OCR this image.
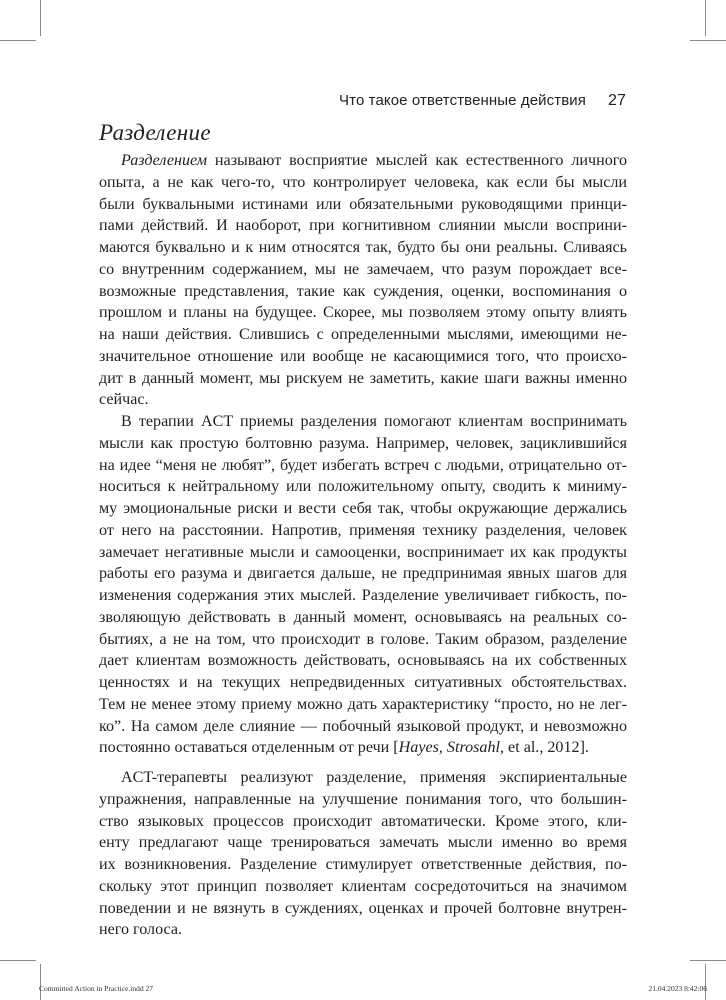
Что такое ответственные действия 27
Разделение

Разделением называют восприятие мыслей как естественного личного
опыта, а не как чего-то, что контролирует человека, как если бы мысли
были буквальными истинами или обязательными руководящими принци-
пами действий. И наоборот, при когнитивном слиянии мысли восприни-
маются буквально и к ним относятся так, будто бы они реальны. Сливаясь
со внутренним содержанием, мы не замечаем, что разум порождает все-
возможные представления, такие как суждения, оценки, воспоминания о
прошлом и планы на будущее. Скорее, мы позволяем этому опыту влиять
на наши действия. Слившись с определенными мыслями, имеющими не-
значительное отношение или вообще не касающимися того, что происхо-
дит в данный момент, мы рискуем не заметить, какие шаги важны именно
сейчас.

В терапии ACT приемы разделения помогают клиентам воспринимать
мысли как простую болтовню разума. Например, человек, зациклившийся
на идее “меня не любят”, будет избегать встреч с людьми, отрицательно от-
носиться к нейтральному или положительному опыту, сводить к миниму-
му эмоциональные риски и вести себя так, чтобы окружающие держались
от него на расстоянии. Напротив, применяя технику разделения, человек
замечает негативные мысли и самооценки, воспринимает их как продукты
работы его разума и двигается дальше, не предпринимая явных шагов для
изменения содержания этих мыслей. Разделение увеличивает гибкость, по-
зволяющую действовать в данный момент, основываясь на реальных со-
бытиях, а не на том, что происходит в голове. Таким образом, разделение
дает клиентам возможность действовать, основываясь на их собственных
ценностях и на текущих непредвиденных ситуативных обстоятельствах.
Тем не менее этому приему можно дать характеристику “просто, но не лег-
ко”. На самом деле слияние — побочный языковой продукт, и невозможно
постоянно оставаться отделенным от речи [Hayes, Strosahl, et al., 2012].

ACT-терапевты реализуют разделение, применяя экспириентальные
упражнения, направленные на улучшение понимания того, что большин-
ство языковых процессов происходит автоматически. Кроме этого, кли-
енту предлагают чаще тренироваться замечать мысли именно во время
их возникновения. Разделение стимулирует ответственные действия, по-
скольку этот принцип позволяет клиентам сосредоточиться на значимом
поведении и не вязнуть в суждениях, оценках и прочей болтовне внутрен-
него голоса.

Committed Action in Practice.indd 27	21.04.2023 8:42:06
